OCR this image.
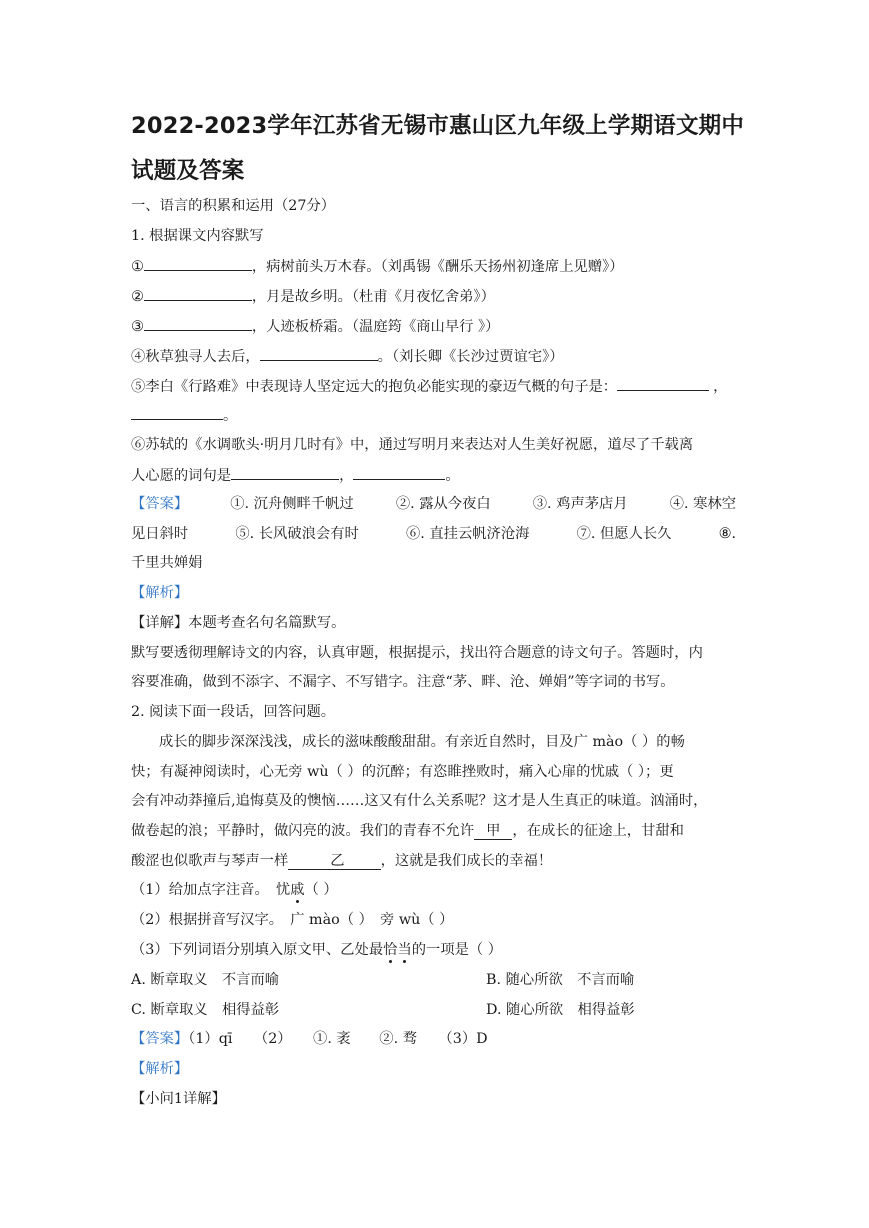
2022-2023学年江苏省无锡市惠山区九年级上学期语文期中
试题及答案
一、语言的积累和运用（27分）
1. 根据课文内容默写
①	，病树前头万木春。（刘禹锡《酬乐天扬州初逢席上见赠》）
②	，月是故乡明。（杜甫《月夜忆舍弟》）
③	，人迹板桥霜。（温庭筠《商山早行 》）
④秋草独寻人去后，	。（刘长卿《长沙过贾谊宅》）
⑤李白《行路难》中表现诗人坚定远大的抱负必能实现的豪迈气概的句子是：	，
。
⑥苏轼的《水调歌头·明月几时有》中，通过写明月来表达对人生美好祝愿，道尽了千载离
人心愿的词句是	，	。
【答案】	①. 沉舟侧畔千帆过	②. 露从今夜白	③. 鸡声茅店月	④. 寒林空
见日斜时	⑤. 长风破浪会有时	⑥. 直挂云帆济沧海	⑦. 但愿人长久	⑧.
千里共婵娟
【解析】
【详解】本题考查名句名篇默写。
默写要透彻理解诗文的内容，认真审题，根据提示，找出符合题意的诗文句子。答题时，内
容要准确，做到不添字、不漏字、不写错字。注意“茅、畔、沧、婵娟”等字词的书写。
2. 阅读下面一段话，回答问题。
成长的脚步深深浅浅，成长的滋味酸酸甜甜。有亲近自然时，目及广 mào（ ）的畅
快；有凝神阅读时，心无旁 wù（ ）的沉醉；有恣睢挫败时，痛入心扉的忧戚（ ）；更
会有冲动莽撞后,追悔莫及的懊恼……这又有什么关系呢？这才是人生真正的味道。汹涌时，
做卷起的浪；平静时，做闪亮的波。我们的青春不允许 甲 ，在成长的征途上，甘甜和
酸涩也似歌声与琴声一样	乙	，这就是我们成长的幸福！
（1）给加点字注音。　忧戚（ ）
（2）根据拼音写汉字。　广 mào（ ）　旁 wù（ ）
（3）下列词语分别填入原文甲、乙处最恰当的一项是（ ）
A. 断章取义　不言而喻	B. 随心所欲　不言而喻
C. 断章取义　相得益彰	D. 随心所欲　相得益彰
【答案】（1）qī　　（2）　　①. 袤　　②. 骛　　（3）D
【解析】
【小问1详解】
